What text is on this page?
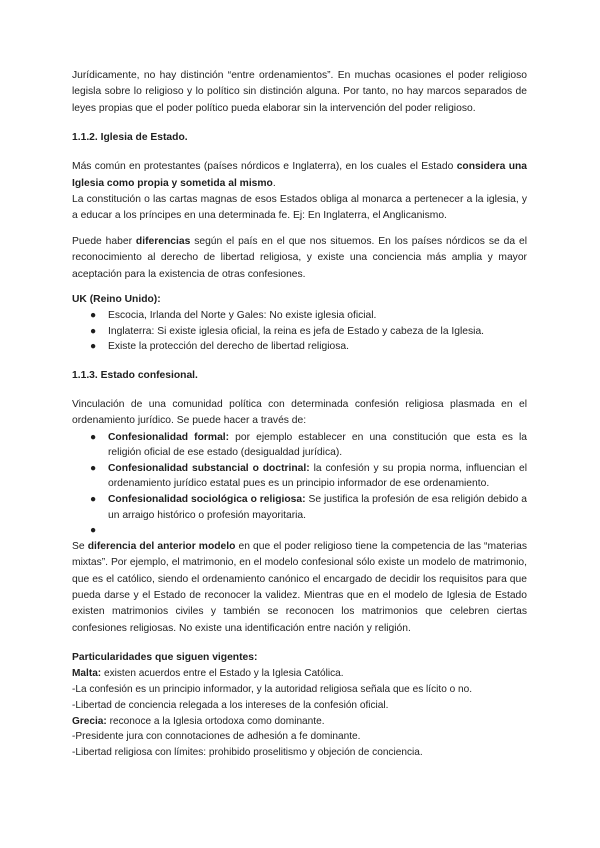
Jurídicamente, no hay distinción “entre ordenamientos”. En muchas ocasiones el poder religioso legisla sobre lo religioso y lo político sin distinción alguna. Por tanto, no hay marcos separados de leyes propias que el poder político pueda elaborar sin la intervención del poder religioso.

1.1.2. Iglesia de Estado.

Más común en protestantes (países nórdicos e Inglaterra), en los cuales el Estado considera una Iglesia como propia y sometida al mismo.

La constitución o las cartas magnas de esos Estados obliga al monarca a pertenecer a la iglesia, y a educar a los príncipes en una determinada fe. Ej: En Inglaterra, el Anglicanismo.

Puede haber diferencias según el país en el que nos situemos. En los países nórdicos se da el reconocimiento al derecho de libertad religiosa, y existe una conciencia más amplia y mayor aceptación para la existencia de otras confesiones.

UK (Reino Unido):
●	Escocia, Irlanda del Norte y Gales: No existe iglesia oficial.
●	Inglaterra: Si existe iglesia oficial, la reina es jefa de Estado y cabeza de la Iglesia.
●	Existe la protección del derecho de libertad religiosa.
1.1.3. Estado confesional.

Vinculación de una comunidad política con determinada confesión religiosa plasmada en el ordenamiento jurídico. Se puede hacer a través de:

●	Confesionalidad formal: por ejemplo establecer en una constitución que esta es la religión oficial de ese estado (desigualdad jurídica).
●	Confesionalidad substancial o doctrinal: la confesión y su propia norma, influencian el ordenamiento jurídico estatal pues es un principio informador de ese ordenamiento.
●	Confesionalidad sociológica o religiosa: Se justifica la profesión de esa religión debido a un arraigo histórico o profesión mayoritaria.
●

Se diferencia del anterior modelo en que el poder religioso tiene la competencia de las “materias mixtas”. Por ejemplo, el matrimonio, en el modelo confesional sólo existe un modelo de matrimonio, que es el católico, siendo el ordenamiento canónico el encargado de decidir los requisitos para que pueda darse y el Estado de reconocer la validez. Mientras que en el modelo de Iglesia de Estado existen matrimonios civiles y también se reconocen los matrimonios que celebren ciertas confesiones religiosas. No existe una identificación entre nación y religión.

Particularidades que siguen vigentes:
Malta: existen acuerdos entre el Estado y la Iglesia Católica.
-La confesión es un principio informador, y la autoridad religiosa señala que es lícito o no.
-Libertad de conciencia relegada a los intereses de la confesión oficial.
Grecia: reconoce a la Iglesia ortodoxa como dominante.
-Presidente jura con connotaciones de adhesión a fe dominante.
-Libertad religiosa con límites: prohibido proselitismo y objeción de conciencia.
